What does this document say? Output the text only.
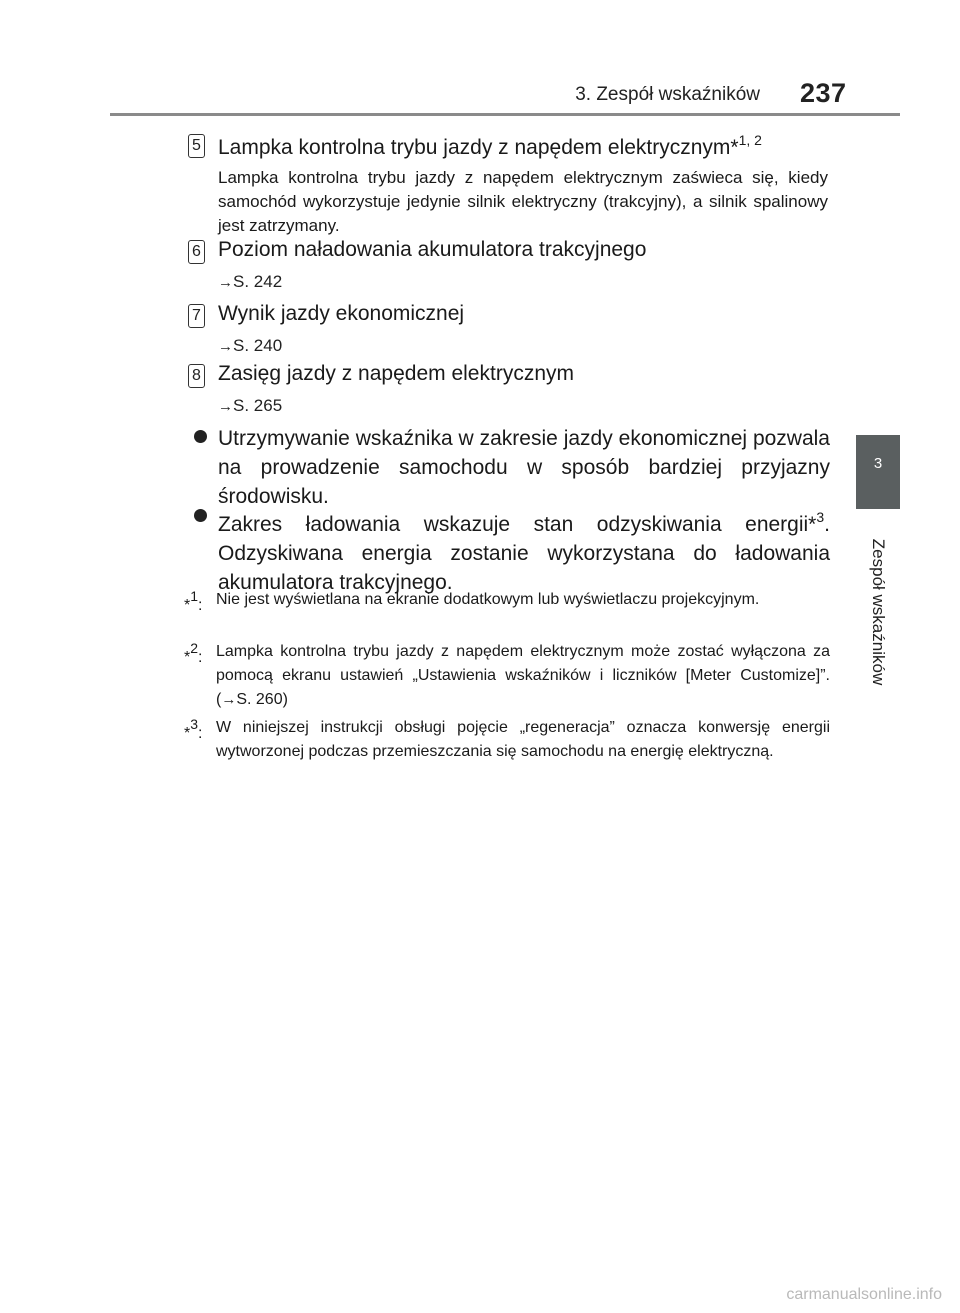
3. Zespół wskaźników 237
3
Zespół wskaźników
5 Lampka kontrolna trybu jazdy z napędem elektrycznym*$^{1, 2}$
Lampka kontrolna trybu jazdy z napędem elektrycznym zaświeca się, kiedy samochód wykorzystuje jedynie silnik elektryczny (trakcyjny), a silnik spalinowy jest zatrzymany.
6 Poziom naładowania akumulatora trakcyjnego
→S. 242
7 Wynik jazdy ekonomicznej
→S. 240
8 Zasięg jazdy z napędem elektrycznym
→S. 265
Utrzymywanie wskaźnika w zakresie jazdy ekonomicznej pozwala na prowadzenie samochodu w sposób bardziej przyjazny środowisku.
Zakres ładowania wskazuje stan odzyskiwania energii*$^3$. Odzyskiwana energia zostanie wykorzystana do ładowania akumulatora trakcyjnego.
*1: Nie jest wyświetlana na ekranie dodatkowym lub wyświetlaczu projekcyjnym.
*2: Lampka kontrolna trybu jazdy z napędem elektrycznym może zostać wyłączona za pomocą ekranu ustawień „Ustawienia wskaźników i liczników [Meter Customize]”. (→S. 260)
*3: W niniejszej instrukcji obsługi pojęcie „regeneracja” oznacza konwersję energii wytworzonej podczas przemieszczania się samochodu na energię elektryczną.
carmanualsonline.info
